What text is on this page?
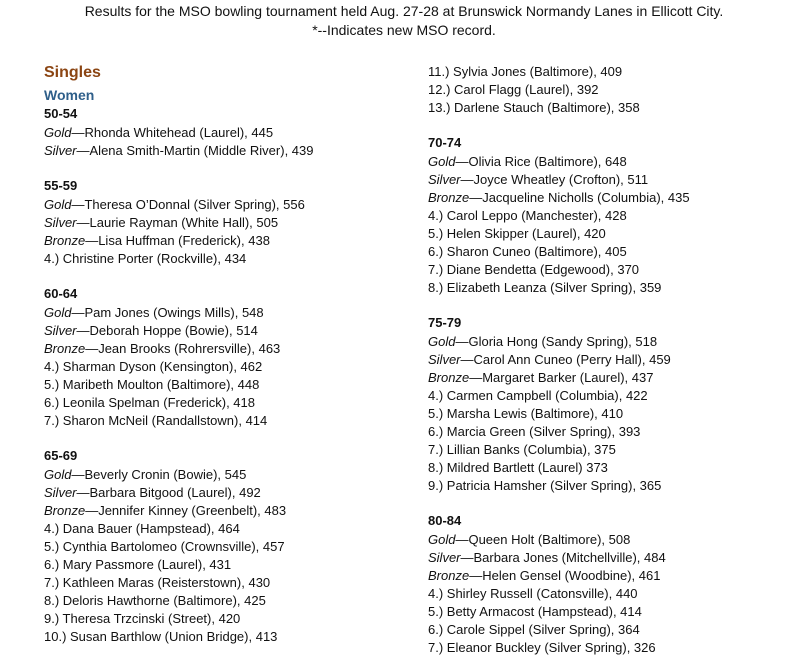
Results for the MSO bowling tournament held Aug. 27-28 at Brunswick Normandy Lanes in Ellicott City.
*--Indicates new MSO record.
Singles
Women
50-54
Gold—Rhonda Whitehead (Laurel), 445
Silver—Alena Smith-Martin (Middle River), 439
55-59
Gold—Theresa O’Donnal (Silver Spring), 556
Silver—Laurie Rayman (White Hall), 505
Bronze—Lisa Huffman (Frederick), 438
4.) Christine Porter (Rockville), 434
60-64
Gold—Pam Jones (Owings Mills), 548
Silver—Deborah Hoppe (Bowie), 514
Bronze—Jean Brooks (Rohrersville), 463
4.) Sharman Dyson (Kensington), 462
5.) Maribeth Moulton (Baltimore), 448
6.) Leonila Spelman (Frederick), 418
7.) Sharon McNeil (Randallstown), 414
65-69
Gold—Beverly Cronin (Bowie), 545
Silver—Barbara Bitgood (Laurel), 492
Bronze—Jennifer Kinney (Greenbelt), 483
4.) Dana Bauer (Hampstead), 464
5.) Cynthia Bartolomeo (Crownsville), 457
6.) Mary Passmore (Laurel), 431
7.) Kathleen Maras (Reisterstown), 430
8.) Deloris Hawthorne (Baltimore), 425
9.) Theresa Trzcinski (Street), 420
10.) Susan Barthlow (Union Bridge), 413
11.) Sylvia Jones (Baltimore), 409
12.) Carol Flagg (Laurel), 392
13.) Darlene Stauch (Baltimore), 358
70-74
Gold—Olivia Rice (Baltimore), 648
Silver—Joyce Wheatley (Crofton), 511
Bronze—Jacqueline Nicholls (Columbia), 435
4.) Carol Leppo (Manchester), 428
5.) Helen Skipper (Laurel), 420
6.) Sharon Cuneo (Baltimore), 405
7.) Diane Bendetta (Edgewood), 370
8.) Elizabeth Leanza (Silver Spring), 359
75-79
Gold—Gloria Hong (Sandy Spring), 518
Silver—Carol Ann Cuneo (Perry Hall), 459
Bronze—Margaret Barker (Laurel), 437
4.) Carmen Campbell (Columbia), 422
5.) Marsha Lewis (Baltimore), 410
6.) Marcia Green (Silver Spring), 393
7.) Lillian Banks (Columbia), 375
8.) Mildred Bartlett (Laurel) 373
9.) Patricia Hamsher (Silver Spring), 365
80-84
Gold—Queen Holt (Baltimore), 508
Silver—Barbara Jones (Mitchellville), 484
Bronze—Helen Gensel (Woodbine), 461
4.) Shirley Russell (Catonsville), 440
5.) Betty Armacost (Hampstead), 414
6.) Carole Sippel (Silver Spring), 364
7.) Eleanor Buckley (Silver Spring), 326
